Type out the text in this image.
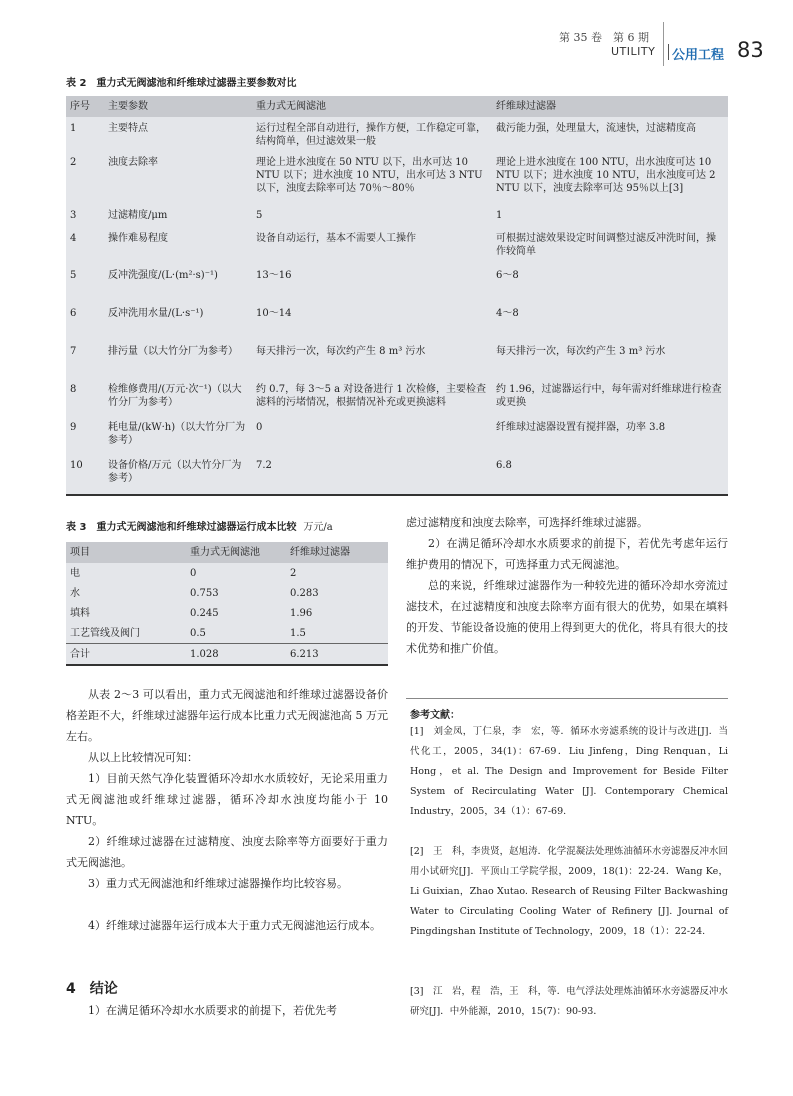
第 35 卷　第 6 期
UTILITY 公用工程 83
表 2　重力式无阀滤池和纤维球过滤器主要参数对比
序号	主要参数	重力式无阀滤池	纤维球过滤器
1	主要特点	运行过程全部自动进行，操作方便，工作稳定可靠，结构简单，但过滤效果一般	截污能力强，处理量大，流速快，过滤精度高
2	浊度去除率	理论上进水浊度在 50 NTU 以下，出水可达 10 NTU 以下；进水浊度 10 NTU，出水可达 3 NTU 以下，浊度去除率可达 70％～80％	理论上进水浊度在 100 NTU，出水浊度可达 10 NTU 以下；进水浊度 10 NTU，出水浊度可达 2 NTU 以下，浊度去除率可达 95％以上[3]
3	过滤精度/μm	5	1
4	操作难易程度	设备自动运行，基本不需要人工操作	可根据过滤效果设定时间调整过滤反冲洗时间，操作较简单
5	反冲洗强度/(L·(m²·s)⁻¹)	13～16	6～8
6	反冲洗用水量/(L·s⁻¹)	10～14	4～8
7	排污量（以大竹分厂为参考）	每天排污一次，每次约产生 8 m³ 污水	每天排污一次，每次约产生 3 m³ 污水
8	检维修费用/(万元·次⁻¹)（以大竹分厂为参考）	约 0.7，每 3～5 a 对设备进行 1 次检修，主要检查滤料的污堵情况，根据情况补充或更换滤料	约 1.96，过滤器运行中，每年需对纤维球进行检查或更换
9	耗电量/(kW·h)（以大竹分厂为参考）	0	纤维球过滤器设置有搅拌器，功率 3.8
10	设备价格/万元（以大竹分厂为参考）	7.2	6.8
表 3　重力式无阀滤池和纤维球过滤器运行成本比较 万元/a
项目	重力式无阀滤池	纤维球过滤器
电	0	2
水	0.753	0.283
填料	0.245	1.96
工艺管线及阀门	0.5	1.5
合计	1.028	6.213
从表 2～3 可以看出，重力式无阀滤池和纤维球过滤器设备价格差距不大，纤维球过滤器年运行成本比重力式无阀滤池高 5 万元左右。
从以上比较情况可知：
1）目前天然气净化装置循环冷却水水质较好，无论采用重力式无阀滤池或纤维球过滤器，循环冷却水浊度均能小于 10 NTU。
2）纤维球过滤器在过滤精度、浊度去除率等方面要好于重力式无阀滤池。
3）重力式无阀滤池和纤维球过滤器操作均比较容易。
4）纤维球过滤器年运行成本大于重力式无阀滤池运行成本。
4　结论
1）在满足循环冷却水水质要求的前提下，若优先考
虑过滤精度和浊度去除率，可选择纤维球过滤器。
2）在满足循环冷却水水质要求的前提下，若优先考虑年运行维护费用的情况下，可选择重力式无阀滤池。
总的来说，纤维球过滤器作为一种较先进的循环冷却水旁流过滤技术，在过滤精度和浊度去除率方面有很大的优势，如果在填料的开发、节能设备设施的使用上得到更大的优化，将具有很大的技术优势和推广价值。
参考文献：
[1]　刘金凤，丁仁泉，李　宏，等．循环水旁滤系统的设计与改进[J]．当代化工，2005，34(1)：67-69．Liu Jinfeng，Ding Renquan，Li Hong，et al. The Design and Improvement for Beside Filter System of Recirculating Water [J]. Contemporary Chemical Industry，2005，34（1）：67-69.
[2]　王　科，李贵贤，赵旭涛．化学混凝法处理炼油循环水旁滤器反冲水回用小试研究[J]．平顶山工学院学报，2009，18(1)：22-24．Wang Ke，Li Guixian，Zhao Xutao. Research of Reusing Filter Backwashing Water to Circulating Cooling Water of Refinery [J]. Journal of Pingdingshan Institute of Technology，2009，18（1）：22-24.
[3]　江　岩，程　浩，王　科，等．电气浮法处理炼油循环水旁滤器反冲水研究[J]．中外能源，2010，15(7)：90-93．
